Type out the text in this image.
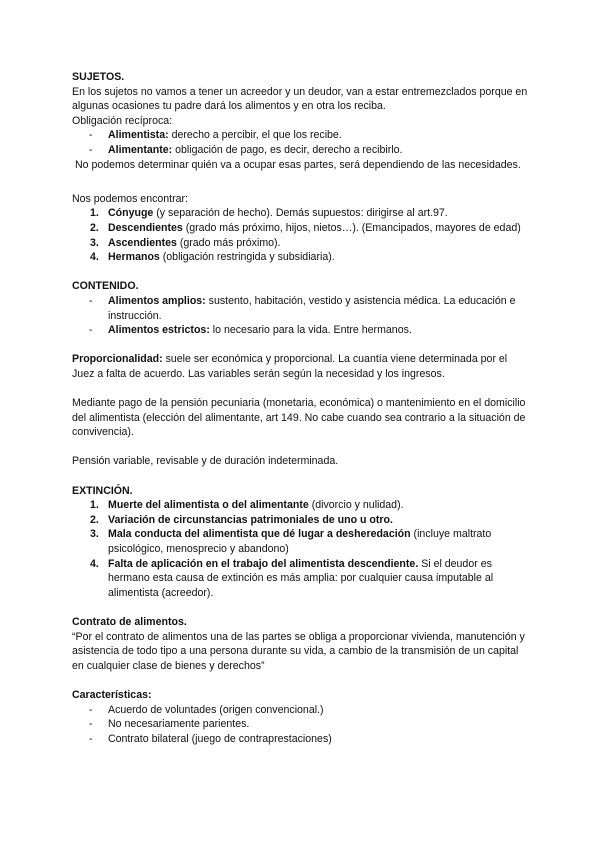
SUJETOS.

En los sujetos no vamos a tener un acreedor y un deudor, van a estar entremezclados porque en algunas ocasiones tu padre dará los alimentos y en otra los reciba.

Obligación recíproca:

- Alimentista: derecho a percibir, el que los recibe.
- Alimentante: obligación de pago, es decir, derecho a recibirlo.

No podemos determinar quién va a ocupar esas partes, será dependiendo de las necesidades.

Nos podemos encontrar:

1. Cónyuge (y separación de hecho). Demás supuestos: dirigirse al art.97.
2. Descendientes (grado más próximo, hijos, nietos…). (Emancipados, mayores de edad)
3. Ascendientes (grado más próximo).
4. Hermanos (obligación restringida y subsidiaria).

CONTENIDO.

- Alimentos amplios: sustento, habitación, vestido y asistencia médica. La educación e instrucción.
- Alimentos estrictos: lo necesario para la vida. Entre hermanos.

Proporcionalidad: suele ser económica y proporcional. La cuantía viene determinada por el Juez a falta de acuerdo. Las variables serán según la necesidad y los ingresos.

Mediante pago de la pensión pecuniaria (monetaria, económica) o mantenimiento en el domicilio del alimentista (elección del alimentante, art 149. No cabe cuando sea contrario a la situación de convivencia).

Pensión variable, revisable y de duración indeterminada.

EXTINCIÓN.

1. Muerte del alimentista o del alimentante (divorcio y nulidad).
2. Variación de circunstancias patrimoniales de uno u otro.
3. Mala conducta del alimentista que dé lugar a desheredación (incluye maltrato psicológico, menosprecio y abandono)
4. Falta de aplicación en el trabajo del alimentista descendiente. Si el deudor es hermano esta causa de extinción es más amplia: por cualquier causa imputable al alimentista (acreedor).

Contrato de alimentos.

“Por el contrato de alimentos una de las partes se obliga a proporcionar vivienda, manutención y asistencia de todo tipo a una persona durante su vida, a cambio de la transmisión de un capital en cualquier clase de bienes y derechos”

Características:

- Acuerdo de voluntades (origen convencional.)
- No necesariamente parientes.
- Contrato bilateral (juego de contraprestaciones)
